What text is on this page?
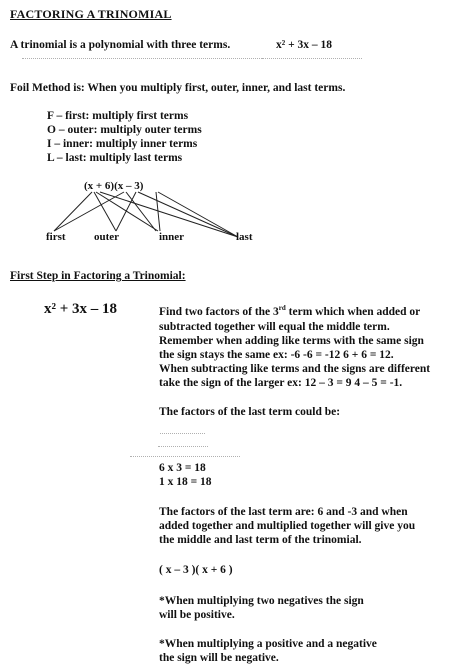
FACTORING A TRINOMIAL
A trinomial is a polynomial with three terms.	x² + 3x – 18
Foil Method is: When you multiply first, outer, inner, and last terms.
F – first: multiply first terms
O – outer: multiply outer terms
I – inner: multiply inner terms
L – last: multiply last terms
(x + 6)(x – 3)
first	outer	inner	last
First Step in Factoring a Trinomial:
x² + 3x – 18	Find two factors of the 3rd term which when added or
subtracted together will equal the middle term.
Remember when adding like terms with the same sign
the sign stays the same ex: -6 -6 = -12 6 + 6 = 12.
When subtracting like terms and the signs are different
take the sign of the larger ex: 12 – 3 = 9 4 – 5 = -1.
The factors of the last term could be:
6 x 3 = 18
1 x 18 = 18
The factors of the last term are: 6 and -3 and when
added together and multiplied together will give you
the middle and last term of the trinomial.
( x – 3 )( x + 6 )
*When multiplying two negatives the sign
will be positive.
*When multiplying a positive and a negative
the sign will be negative.
